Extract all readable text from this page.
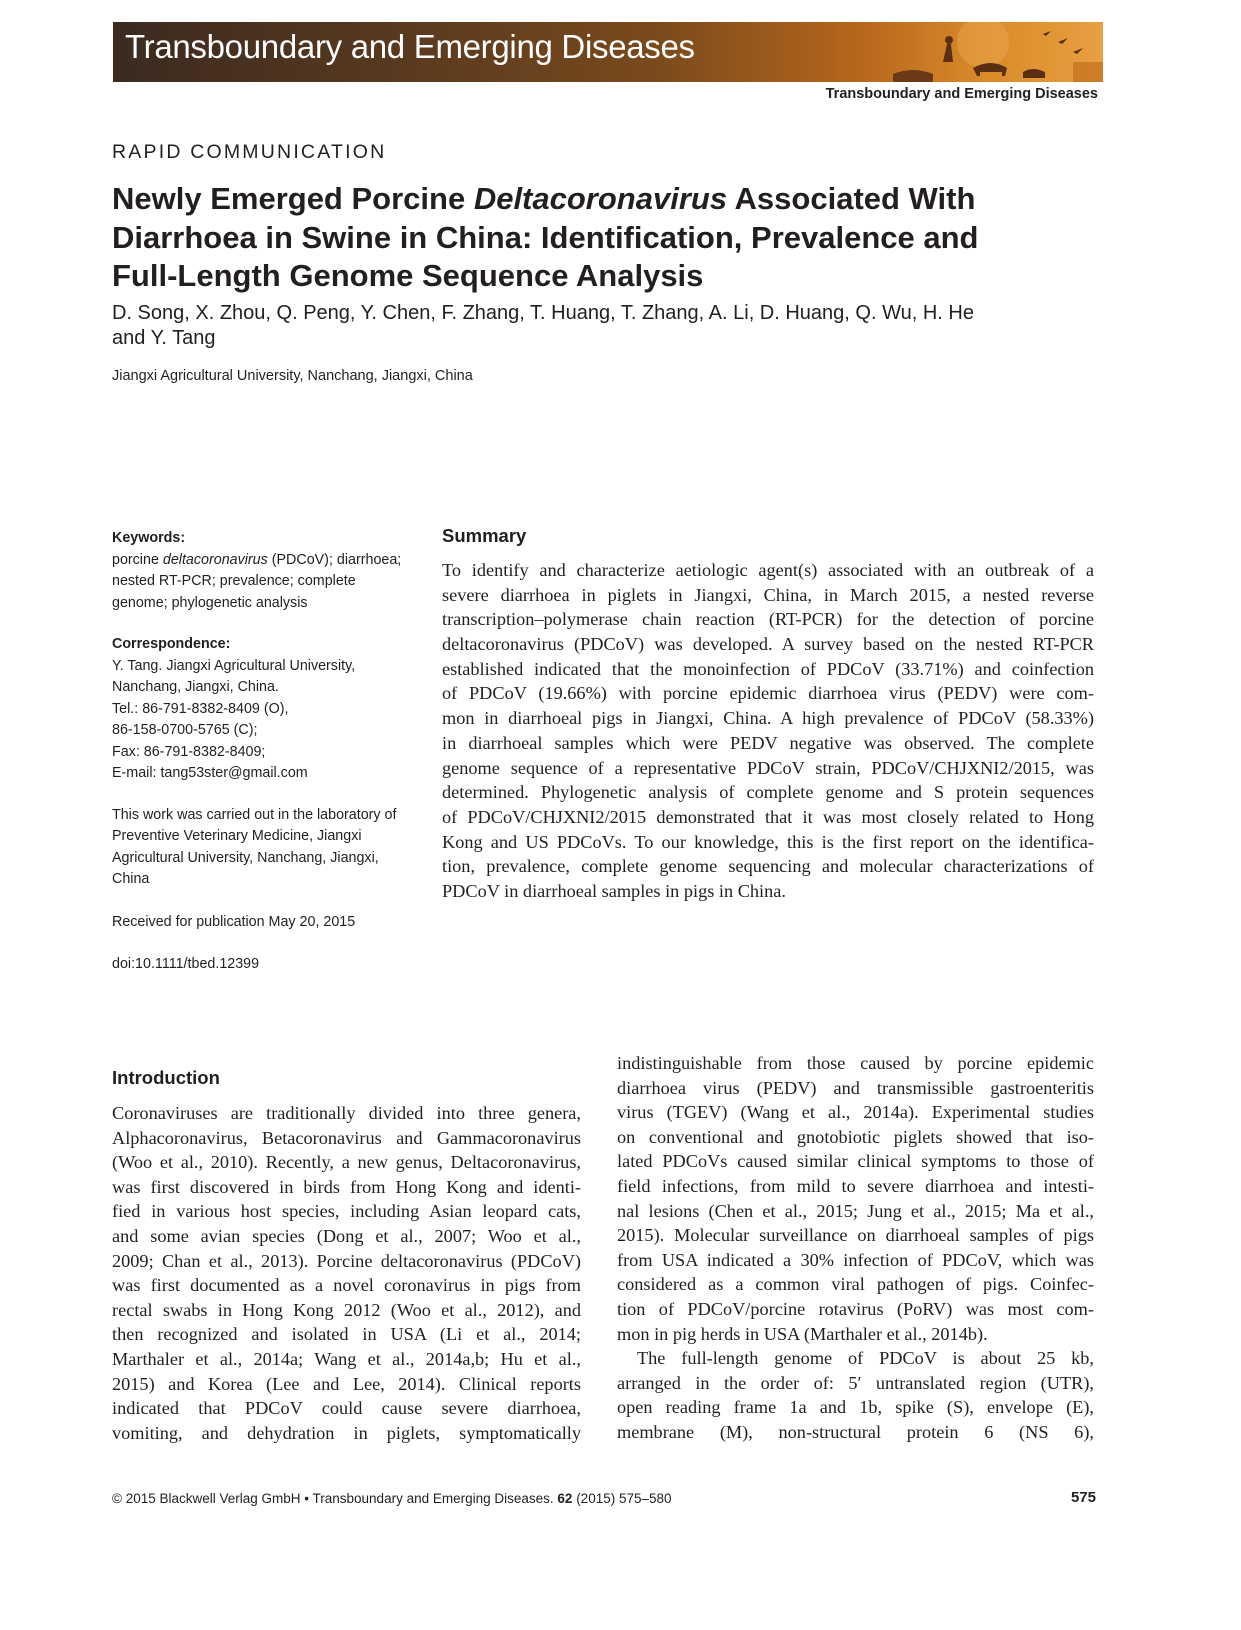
Transboundary and Emerging Diseases
Transboundary and Emerging Diseases
RAPID COMMUNICATION
Newly Emerged Porcine Deltacoronavirus Associated With
Diarrhoea in Swine in China: Identification, Prevalence and
Full-Length Genome Sequence Analysis
D. Song, X. Zhou, Q. Peng, Y. Chen, F. Zhang, T. Huang, T. Zhang, A. Li, D. Huang, Q. Wu, H. He
and Y. Tang
Jiangxi Agricultural University, Nanchang, Jiangxi, China
Keywords:
porcine deltacoronavirus (PDCoV); diarrhoea;
nested RT-PCR; prevalence; complete
genome; phylogenetic analysis
Correspondence:
Y. Tang. Jiangxi Agricultural University,
Nanchang, Jiangxi, China.
Tel.: 86-791-8382-8409 (O),
86-158-0700-5765 (C);
Fax: 86-791-8382-8409;
E-mail: tang53ster@gmail.com
This work was carried out in the laboratory of
Preventive Veterinary Medicine, Jiangxi
Agricultural University, Nanchang, Jiangxi,
China
Received for publication May 20, 2015
doi:10.1111/tbed.12399
Summary
To identify and characterize aetiologic agent(s) associated with an outbreak of a
severe diarrhoea in piglets in Jiangxi, China, in March 2015, a nested reverse
transcription–polymerase chain reaction (RT-PCR) for the detection of porcine
deltacoronavirus (PDCoV) was developed. A survey based on the nested RT-PCR
established indicated that the monoinfection of PDCoV (33.71%) and coinfection
of PDCoV (19.66%) with porcine epidemic diarrhoea virus (PEDV) were com-
mon in diarrhoeal pigs in Jiangxi, China. A high prevalence of PDCoV (58.33%)
in diarrhoeal samples which were PEDV negative was observed. The complete
genome sequence of a representative PDCoV strain, PDCoV/CHJXNI2/2015, was
determined. Phylogenetic analysis of complete genome and S protein sequences
of PDCoV/CHJXNI2/2015 demonstrated that it was most closely related to Hong
Kong and US PDCoVs. To our knowledge, this is the first report on the identifica-
tion, prevalence, complete genome sequencing and molecular characterizations of
PDCoV in diarrhoeal samples in pigs in China.
Introduction
Coronaviruses are traditionally divided into three genera,
Alphacoronavirus, Betacoronavirus and Gammacoronavirus
(Woo et al., 2010). Recently, a new genus, Deltacoronavirus,
was first discovered in birds from Hong Kong and identi-
fied in various host species, including Asian leopard cats,
and some avian species (Dong et al., 2007; Woo et al.,
2009; Chan et al., 2013). Porcine deltacoronavirus (PDCoV)
was first documented as a novel coronavirus in pigs from
rectal swabs in Hong Kong 2012 (Woo et al., 2012), and
then recognized and isolated in USA (Li et al., 2014;
Marthaler et al., 2014a; Wang et al., 2014a,b; Hu et al.,
2015) and Korea (Lee and Lee, 2014). Clinical reports
indicated that PDCoV could cause severe diarrhoea,
vomiting, and dehydration in piglets, symptomatically
indistinguishable from those caused by porcine epidemic
diarrhoea virus (PEDV) and transmissible gastroenteritis
virus (TGEV) (Wang et al., 2014a). Experimental studies
on conventional and gnotobiotic piglets showed that iso-
lated PDCoVs caused similar clinical symptoms to those of
field infections, from mild to severe diarrhoea and intesti-
nal lesions (Chen et al., 2015; Jung et al., 2015; Ma et al.,
2015). Molecular surveillance on diarrhoeal samples of pigs
from USA indicated a 30% infection of PDCoV, which was
considered as a common viral pathogen of pigs. Coinfec-
tion of PDCoV/porcine rotavirus (PoRV) was most com-
mon in pig herds in USA (Marthaler et al., 2014b).
The full-length genome of PDCoV is about 25 kb,
arranged in the order of: 5′ untranslated region (UTR),
open reading frame 1a and 1b, spike (S), envelope (E),
membrane (M), non-structural protein 6 (NS 6),
© 2015 Blackwell Verlag GmbH • Transboundary and Emerging Diseases. 62 (2015) 575–580	575
